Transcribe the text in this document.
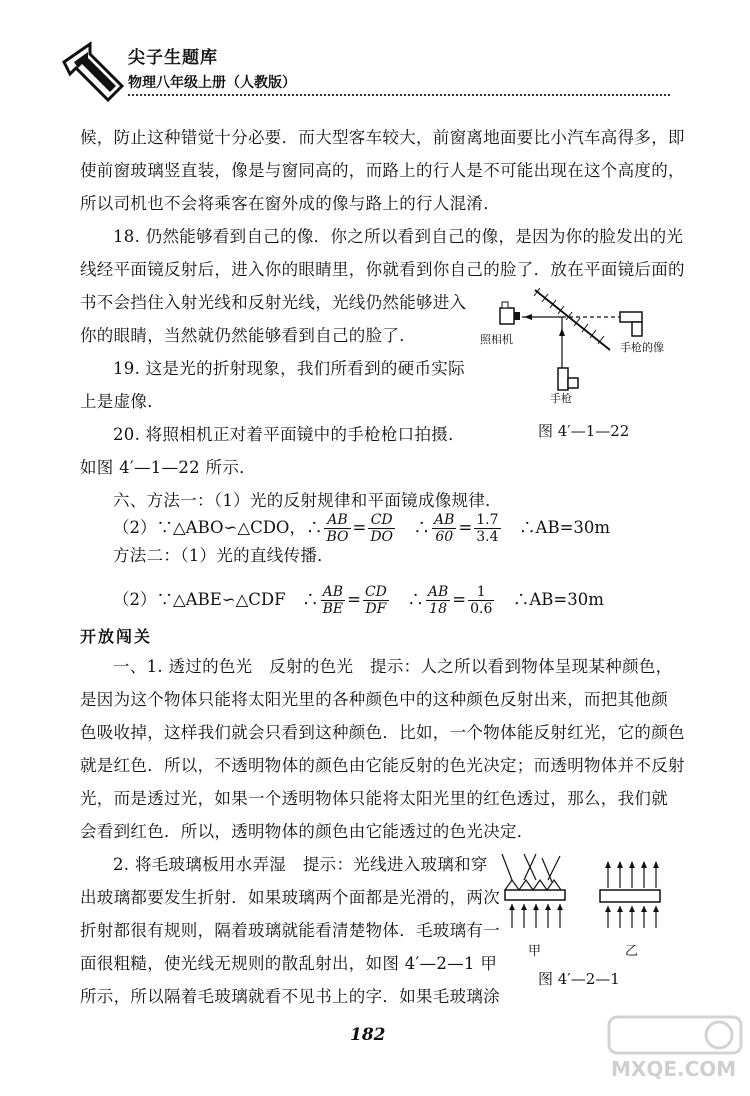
尖子生题库
物理八年级上册（人教版）
候，防止这种错觉十分必要．而大型客车较大，前窗离地面要比小汽车高得多，即
使前窗玻璃竖直装，像是与窗同高的，而路上的行人是不可能出现在这个高度的，
所以司机也不会将乘客在窗外成的像与路上的行人混淆．
18. 仍然能够看到自己的像．你之所以看到自己的像，是因为你的脸发出的光
线经平面镜反射后，进入你的眼睛里，你就看到你自己的脸了．放在平面镜后面的
书不会挡住入射光线和反射光线，光线仍然能够进入
你的眼睛，当然就仍然能够看到自己的脸了．
19. 这是光的折射现象，我们所看到的硬币实际
上是虚像．
20. 将照相机正对着平面镜中的手枪枪口拍摄．
如图 4′—1—22 所示．
六、方法一：（1）光的反射规律和平面镜成像规律．
（2）∵△ABO∽△CDO，∴ $\frac{AB}{BO} = \frac{CD}{DO}$ 　∴ $\frac{AB}{60} = \frac{1.7}{3.4}$ 　∴AB=30m
方法二：（1）光的直线传播．
（2）∵△ABE∽△CDF　∴ $\frac{AB}{BE} = \frac{CD}{DF}$ 　∴ $\frac{AB}{18} = \frac{1}{0.6}$ 　∴AB=30m
开放闯关
一、1. 透过的色光　反射的色光　提示：人之所以看到物体呈现某种颜色，
是因为这个物体只能将太阳光里的各种颜色中的这种颜色反射出来，而把其他颜
色吸收掉，这样我们就会只看到这种颜色．比如，一个物体能反射红光，它的颜色
就是红色．所以，不透明物体的颜色由它能反射的色光决定；而透明物体并不反射
光，而是透过光，如果一个透明物体只能将太阳光里的红色透过，那么，我们就
会看到红色．所以，透明物体的颜色由它能透过的色光决定．
2. 将毛玻璃板用水弄湿　提示：光线进入玻璃和穿
出玻璃都要发生折射．如果玻璃两个面都是光滑的，两次
折射都很有规则，隔着玻璃就能看清楚物体．毛玻璃有一
面很粗糙，使光线无规则的散乱射出，如图 4′—2—1 甲
所示，所以隔着毛玻璃就看不见书上的字．如果毛玻璃涂
照相机
手枪的像
手枪
图 4′—1—22
甲	乙
图 4′—2—1
182
MXQE.COM
